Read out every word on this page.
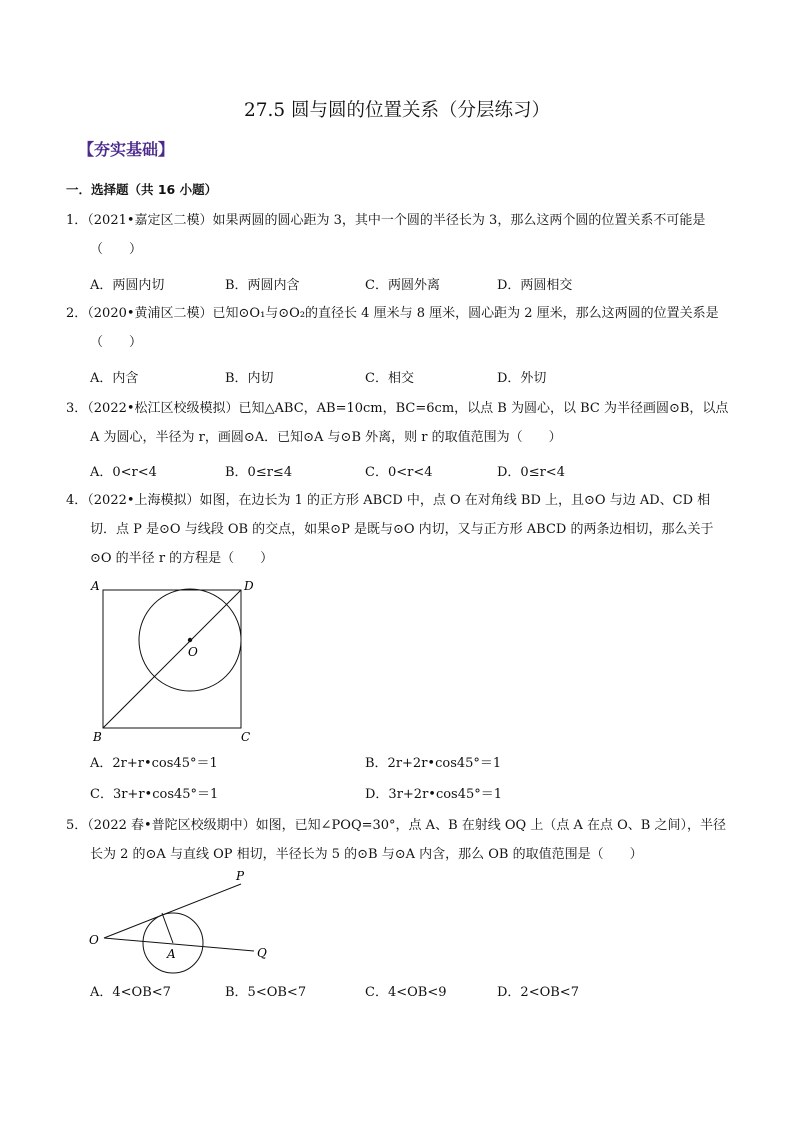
27.5 圆与圆的位置关系（分层练习）
【夯实基础】
一．选择题（共 16 小题）
1．（2021•嘉定区二模）如果两圆的圆心距为 3，其中一个圆的半径长为 3，那么这两个圆的位置关系不可能是（　　）
A．两圆内切	B．两圆内含	C．两圆外离	D．两圆相交
2．（2020•黄浦区二模）已知⊙O₁与⊙O₂的直径长 4 厘米与 8 厘米，圆心距为 2 厘米，那么这两圆的位置关系是（　　）
A．内含	B．内切	C．相交	D．外切
3．（2022•松江区校级模拟）已知△ABC，AB=10cm，BC=6cm，以点 B 为圆心，以 BC 为半径画圆⊙B，以点 A 为圆心，半径为 r，画圆⊙A．已知⊙A 与⊙B 外离，则 r 的取值范围为（　　）
A．0<r<4	B．0≤r≤4	C．0<r<4	D．0≤r<4
4．（2022•上海模拟）如图，在边长为 1 的正方形 ABCD 中，点 O 在对角线 BD 上，且⊙O 与边 AD、CD 相切．点 P 是⊙O 与线段 OB 的交点，如果⊙P 是既与⊙O 内切，又与正方形 ABCD 的两条边相切，那么关于⊙O 的半径 r 的方程是（　　）
A	D
O
B	C
A．2r+r•cos45°＝1	B．2r+2r•cos45°＝1
C．3r+r•cos45°＝1	D．3r+2r•cos45°＝1
5．（2022 春•普陀区校级期中）如图，已知∠POQ=30°，点 A、B 在射线 OQ 上（点 A 在点 O、B 之间），半径长为 2 的⊙A 与直线 OP 相切，半径长为 5 的⊙B 与⊙A 内含，那么 OB 的取值范围是（　　）
P
O
A	Q
A．4<OB<7	B．5<OB<7	C．4<OB<9	D．2<OB<7
